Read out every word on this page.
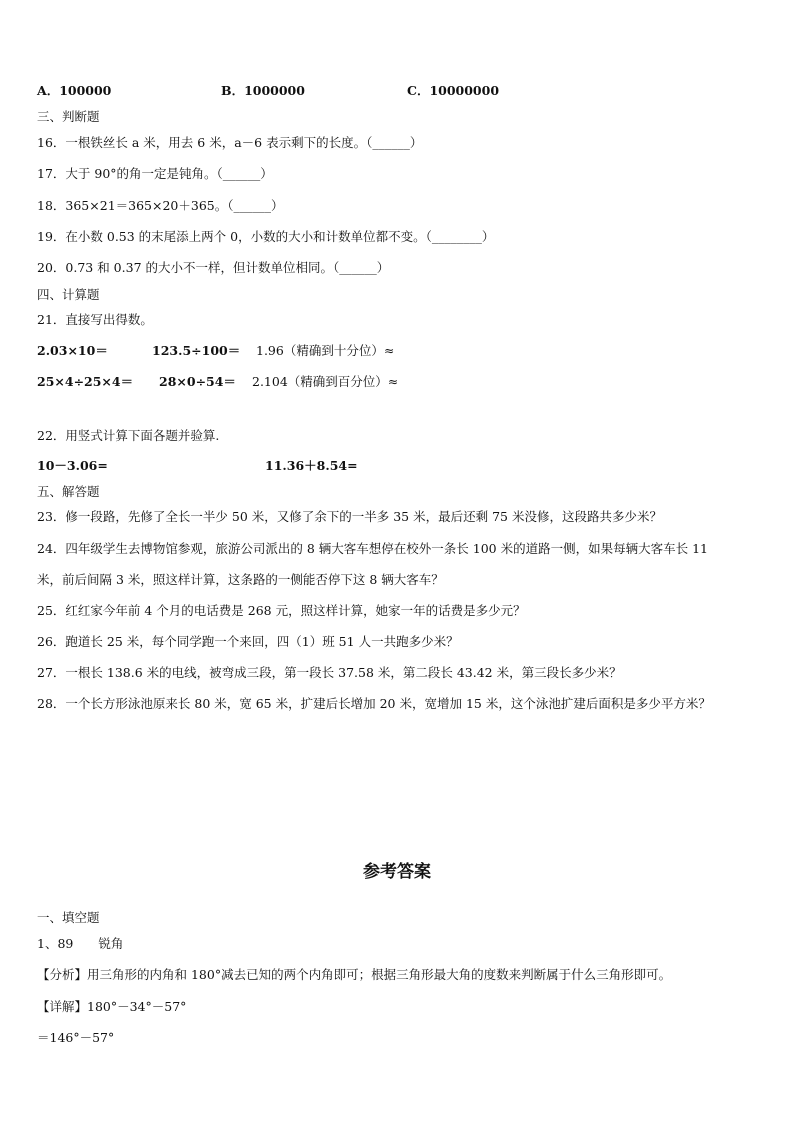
A．100000	B．1000000	C．10000000
三、判断题
16．一根铁丝长 a 米，用去 6 米，a－6 表示剩下的长度。（______）
17．大于 90°的角一定是钝角。（______）
18．365×21＝365×20＋365。（______）
19．在小数 0.53 的末尾添上两个 0，小数的大小和计数单位都不变。（________）
20．0.73 和 0.37 的大小不一样，但计数单位相同。（______）
四、计算题
21．直接写出得数。
2.03×10＝	123.5÷100＝ 1.96（精确到十分位）≈
25×4÷25×4＝ 28×0÷54＝ 2.104（精确到百分位）≈
22．用竖式计算下面各题并验算.
10－3.06=	11.36＋8.54=
五、解答题
23．修一段路，先修了全长一半少 50 米，又修了余下的一半多 35 米，最后还剩 75 米没修，这段路共多少米？
24．四年级学生去博物馆参观，旅游公司派出的 8 辆大客车想停在校外一条长 100 米的道路一侧，如果每辆大客车长 11
米，前后间隔 3 米，照这样计算，这条路的一侧能否停下这 8 辆大客车？
25．红红家今年前 4 个月的电话费是 268 元，照这样计算，她家一年的话费是多少元？
26．跑道长 25 米，每个同学跑一个来回，四（1）班 51 人一共跑多少米？
27．一根长 138.6 米的电线，被弯成三段，第一段长 37.58 米，第二段长 43.42 米，第三段长多少米？
28．一个长方形泳池原来长 80 米，宽 65 米，扩建后长增加 20 米，宽增加 15 米，这个泳池扩建后面积是多少平方米？
参考答案
一、填空题
1、89　　锐角
【分析】用三角形的内角和 180°减去已知的两个内角即可；根据三角形最大角的度数来判断属于什么三角形即可。
【详解】180°－34°－57°
＝146°－57°
